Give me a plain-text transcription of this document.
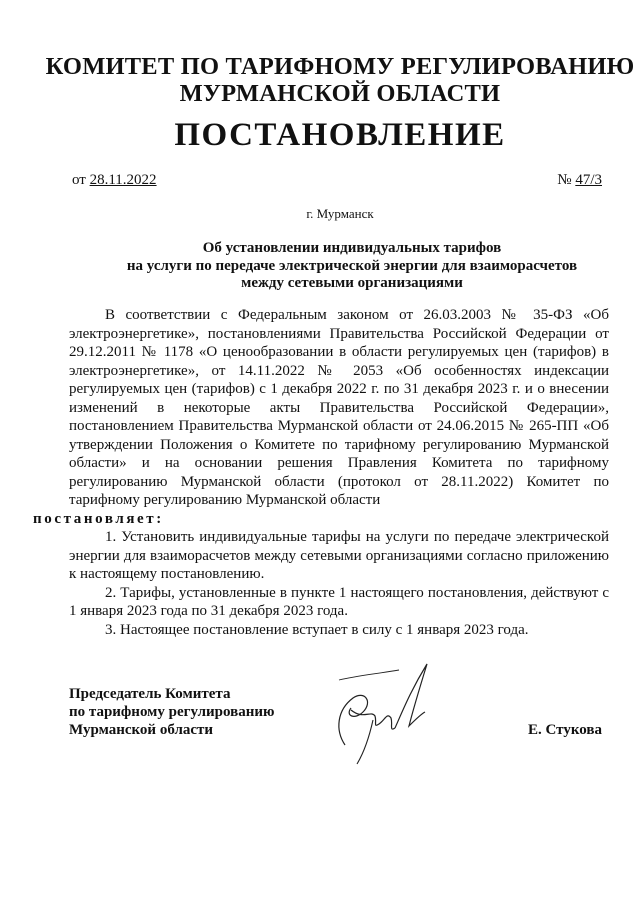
КОМИТЕТ ПО ТАРИФНОМУ РЕГУЛИРОВАНИЮ
МУРМАНСКОЙ ОБЛАСТИ
ПОСТАНОВЛЕНИЕ
от 28.11.2022	№ 47/3
г. Мурманск
Об установлении индивидуальных тарифов
на услуги по передаче электрической энергии для взаиморасчетов
между сетевыми организациями

В соответствии с Федеральным законом от 26.03.2003 № 35-ФЗ «Об электроэнергетике», постановлениями Правительства Российской Федерации от 29.12.2011 № 1178 «О ценообразовании в области регулируемых цен (тарифов) в электроэнергетике», от 14.11.2022 № 2053 «Об особенностях индексации регулируемых цен (тарифов) с 1 декабря 2022 г. по 31 декабря 2023 г. и о внесении изменений в некоторые акты Правительства Российской Федерации», постановлением Правительства Мурманской области от 24.06.2015 № 265-ПП «Об утверждении Положения о Комитете по тарифному регулированию Мурманской области» и на основании решения Правления Комитета по тарифному регулированию Мурманской области (протокол от 28.11.2022) Комитет по тарифному регулированию Мурманской области
постановляет:

1. Установить индивидуальные тарифы на услуги по передаче электрической энергии для взаиморасчетов между сетевыми организациями согласно приложению к настоящему постановлению.

2. Тарифы, установленные в пункте 1 настоящего постановления, действуют с 1 января 2023 года по 31 декабря 2023 года.

3. Настоящее постановление вступает в силу с 1 января 2023 года.

Председатель Комитета
по тарифному регулированию
Мурманской области	Е. Стукова
